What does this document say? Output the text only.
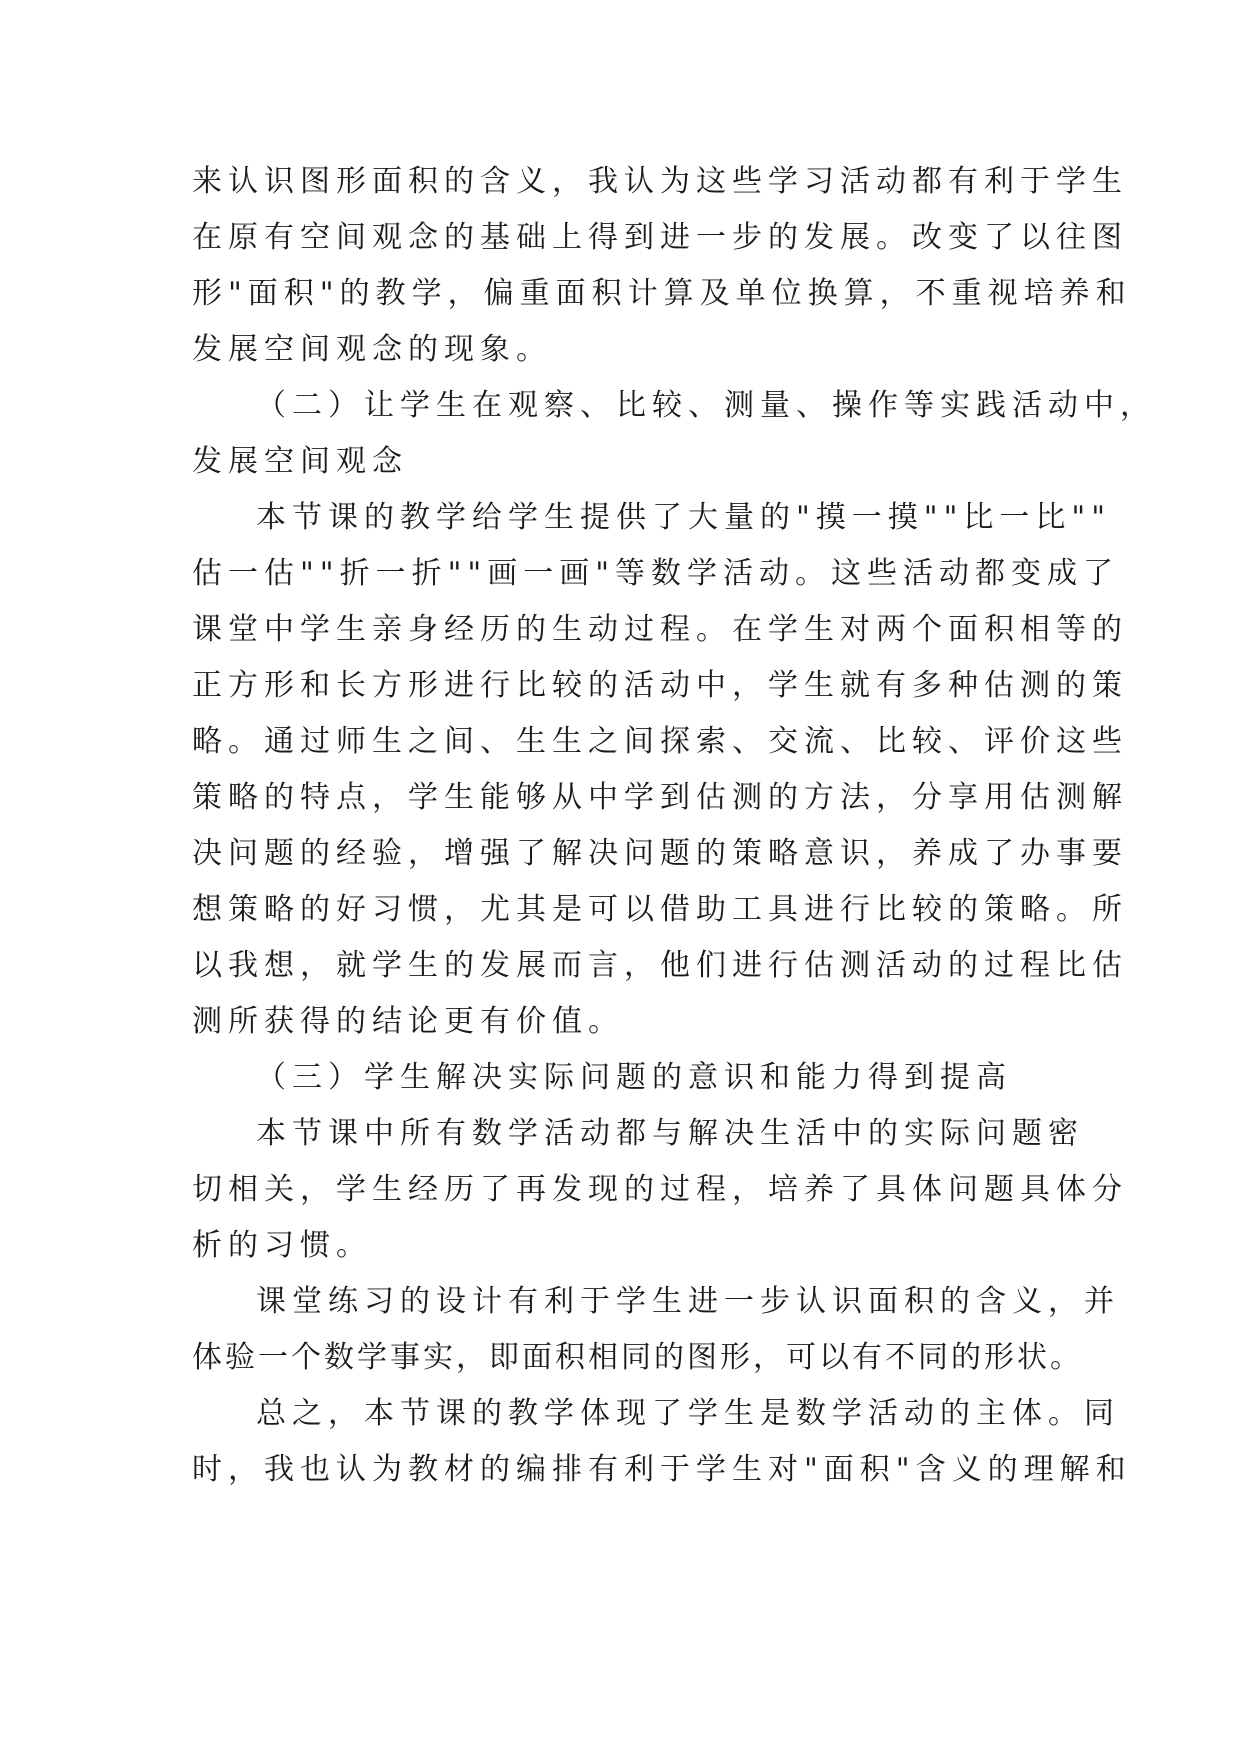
来认识图形面积的含义，我认为这些学习活动都有利于学生
在原有空间观念的基础上得到进一步的发展。改变了以往图
形"面积"的教学，偏重面积计算及单位换算，不重视培养和
发展空间观念的现象。
（二）让学生在观察、比较、测量、操作等实践活动中，
发展空间观念
本节课的教学给学生提供了大量的"摸一摸""比一比""
估一估""折一折""画一画"等数学活动。这些活动都变成了
课堂中学生亲身经历的生动过程。在学生对两个面积相等的
正方形和长方形进行比较的活动中，学生就有多种估测的策
略。通过师生之间、生生之间探索、交流、比较、评价这些
策略的特点，学生能够从中学到估测的方法，分享用估测解
决问题的经验，增强了解决问题的策略意识，养成了办事要
想策略的好习惯，尤其是可以借助工具进行比较的策略。所
以我想，就学生的发展而言，他们进行估测活动的过程比估
测所获得的结论更有价值。
（三）学生解决实际问题的意识和能力得到提高
本节课中所有数学活动都与解决生活中的实际问题密
切相关，学生经历了再发现的过程，培养了具体问题具体分
析的习惯。
课堂练习的设计有利于学生进一步认识面积的含义，并
体验一个数学事实，即面积相同的图形，可以有不同的形状。
总之，本节课的教学体现了学生是数学活动的主体。同
时，我也认为教材的编排有利于学生对"面积"含义的理解和
